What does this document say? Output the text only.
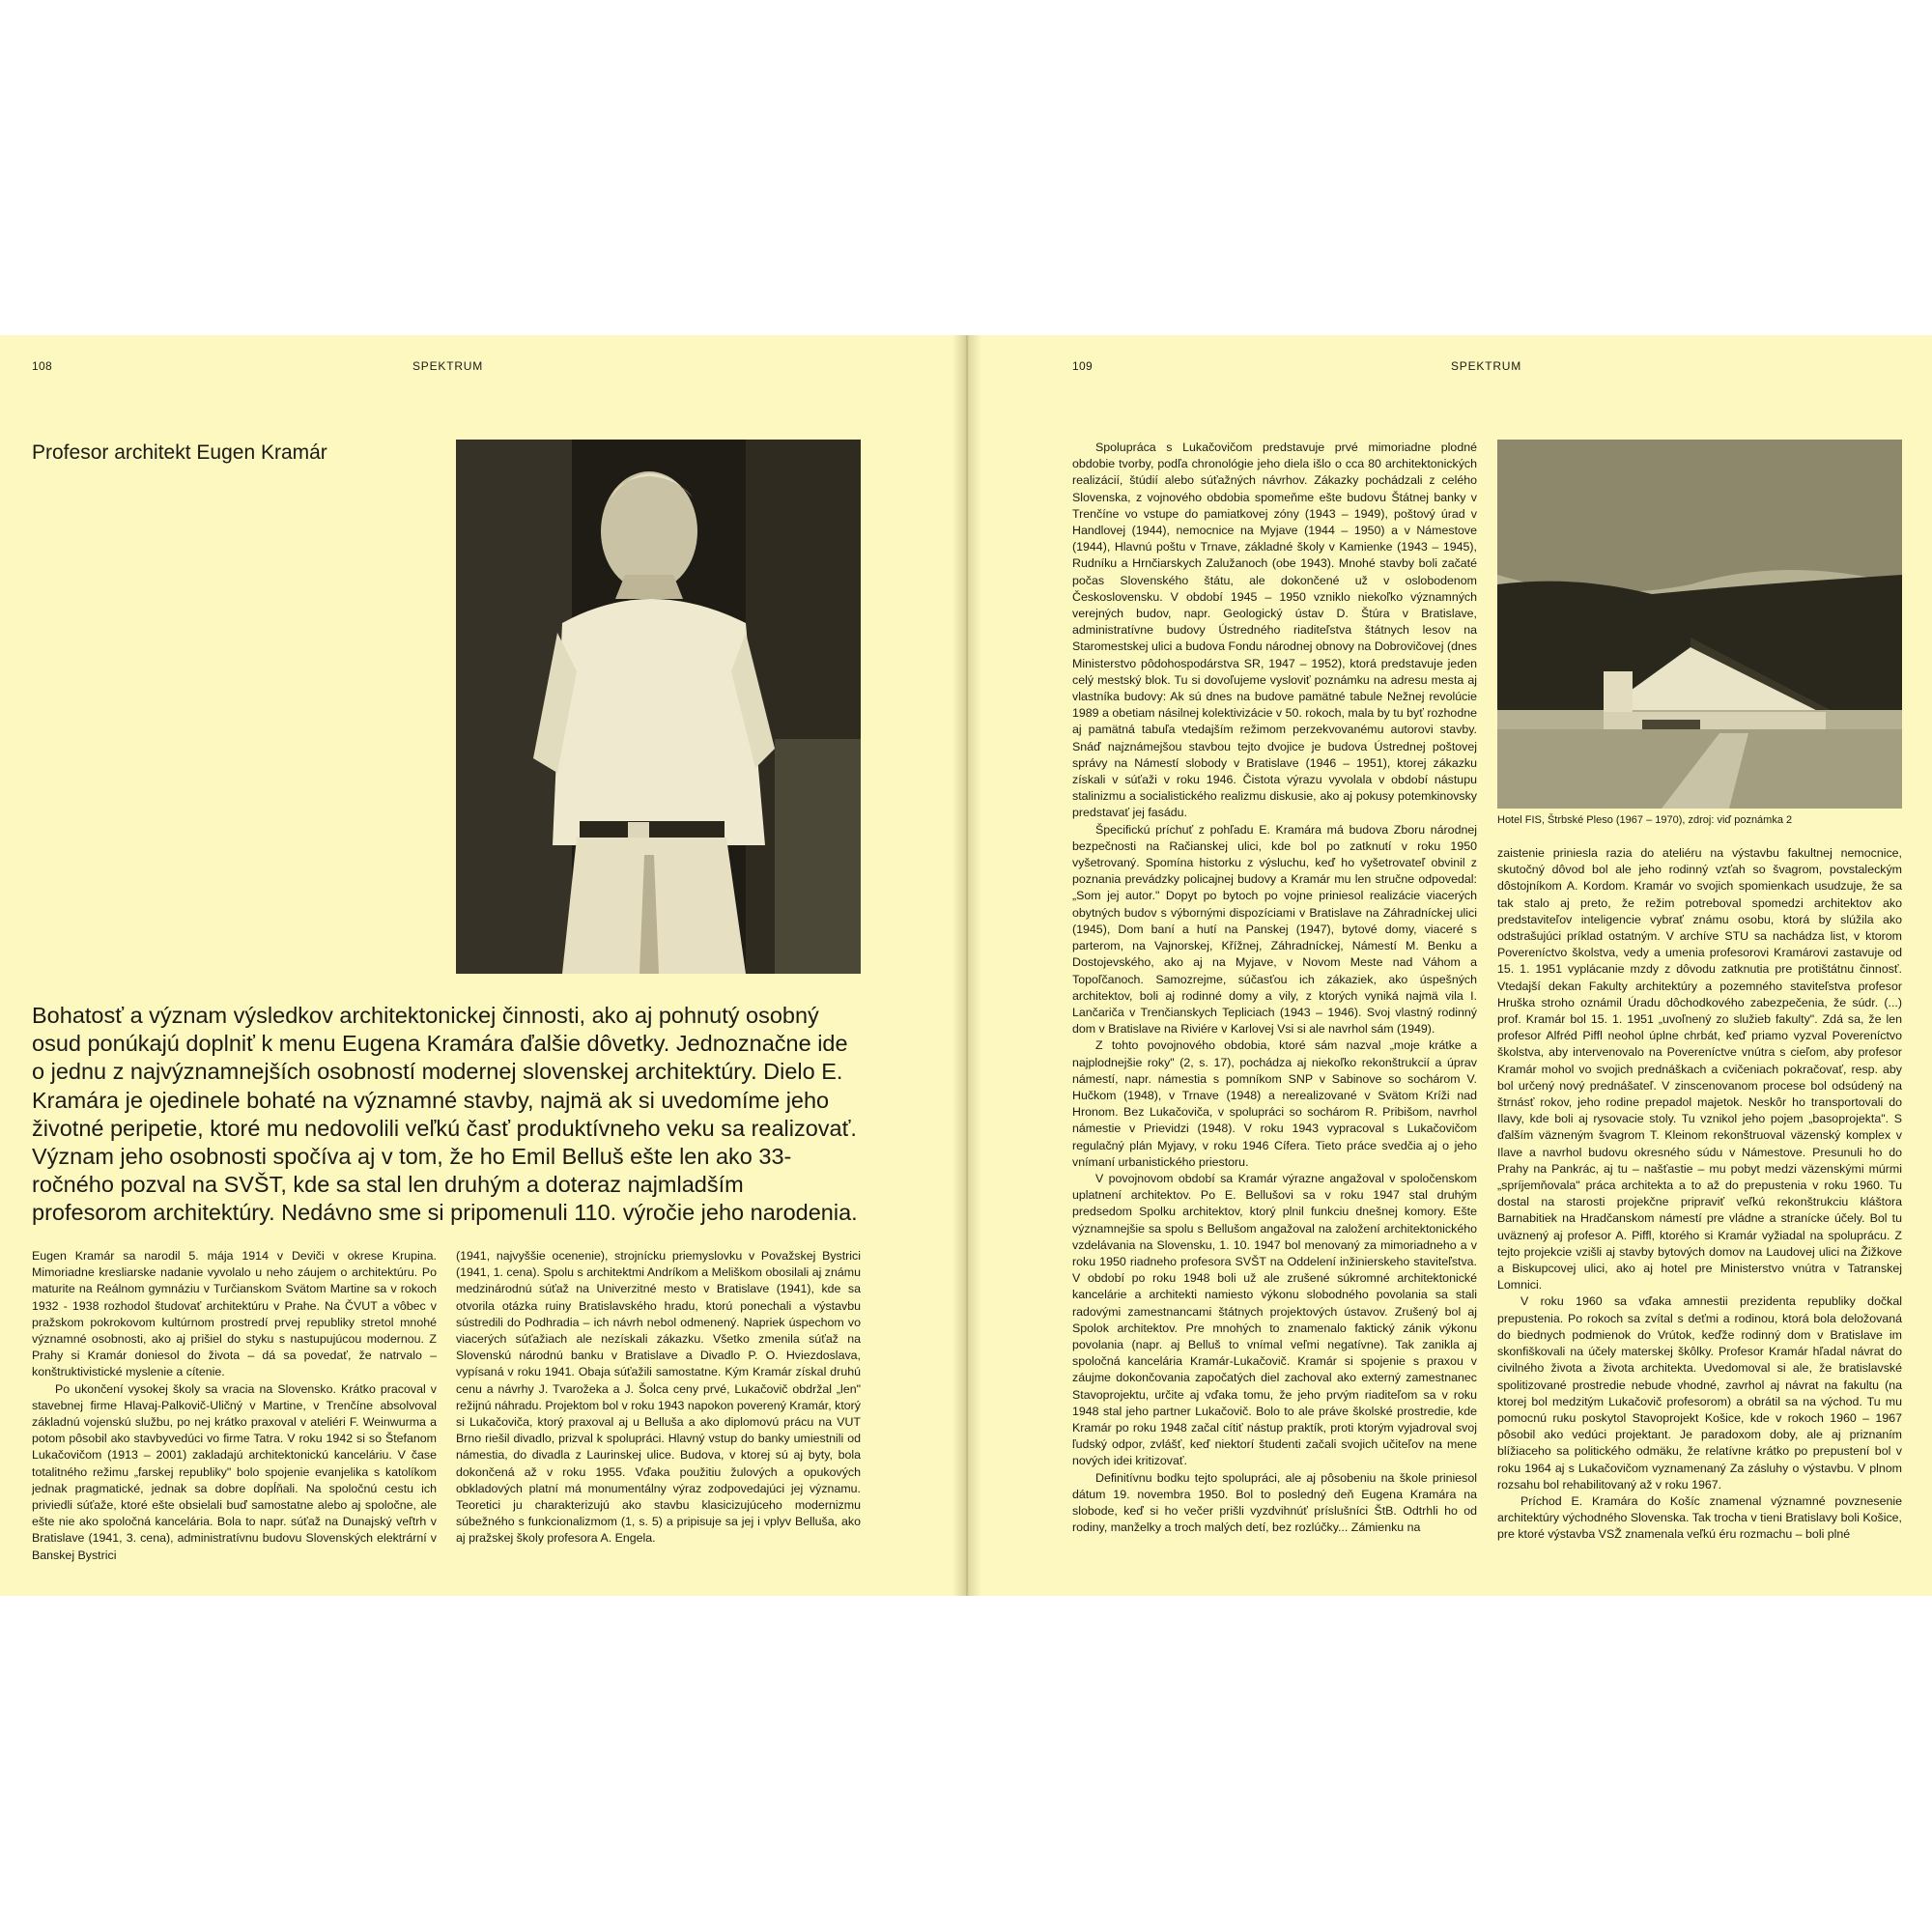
108	SPEKTRUM
Profesor architekt Eugen Kramár

Bohatosť a význam výsledkov architektonickej činnosti, ako aj pohnutý osobný osud ponúkajú doplniť k menu Eugena Kramára ďalšie dôvetky. Jednoznačne ide o jednu z najvýznamnejších osobností modernej slovenskej architektúry. Dielo E. Kramára je ojedinele bohaté na významné stavby, najmä ak si uvedomíme jeho životné peripetie, ktoré mu nedovolili veľkú časť produktívneho veku sa realizovať. Význam jeho osobnosti spočíva aj v tom, že ho Emil Belluš ešte len ako 33-ročného pozval na SVŠT, kde sa stal len druhým a doteraz najmladším profesorom architektúry. Nedávno sme si pripomenuli 110. výročie jeho narodenia.

Eugen Kramár sa narodil 5. mája 1914 v Deviči v okrese Krupina. Mimoriadne kresliarske nadanie vyvolalo u neho záujem o architektúru. Po maturite na Reálnom gymnáziu v Turčianskom Svätom Martine sa v rokoch 1932 - 1938 rozhodol študovať architektúru v Prahe. Na ČVUT a vôbec v pražskom pokrokovom kultúrnom prostredí prvej republiky stretol mnohé významné osobnosti, ako aj prišiel do styku s nastupujúcou modernou. Z Prahy si Kramár doniesol do života – dá sa povedať, že natrvalo – konštruktivistické myslenie a cítenie.

Po ukončení vysokej školy sa vracia na Slovensko. Krátko pracoval v stavebnej firme Hlavaj-Palkovič-Uličný v Martine, v Trenčíne absolvoval základnú vojenskú službu, po nej krátko praxoval v ateliéri F. Weinwurma a potom pôsobil ako stavbyvedúci vo firme Tatra. V roku 1942 si so Štefanom Lukačovičom (1913 – 2001) zakladajú architektonickú kanceláriu. V čase totalitného režimu „farskej republiky" bolo spojenie evanjelika s katolíkom jednak pragmatické, jednak sa dobre dopĺňali. Na spoločnú cestu ich priviedli súťaže, ktoré ešte obsielali buď samostatne alebo aj spoločne, ale ešte nie ako spoločná kancelária. Bola to napr. súťaž na Dunajský veľtrh v Bratislave (1941, 3. cena), administratívnu budovu Slovenských elektrární v Banskej Bystrici

(1941, najvyššie ocenenie), strojnícku priemyslovku v Považskej Bystrici (1941, 1. cena). Spolu s architektmi Andríkom a Meliškom obosilali aj známu medzinárodnú súťaž na Univerzitné mesto v Bratislave (1941), kde sa otvorila otázka ruiny Bratislavského hradu, ktorú ponechali a výstavbu sústredili do Podhradia – ich návrh nebol odmenený. Napriek úspechom vo viacerých súťažiach ale nezískali zákazku. Všetko zmenila súťaž na Slovenskú národnú banku v Bratislave a Divadlo P. O. Hviezdoslava, vypísaná v roku 1941. Obaja súťažili samostatne. Kým Kramár získal druhú cenu a návrhy J. Tvarožeka a J. Šolca ceny prvé, Lukačovič obdržal „len" režijnú náhradu. Projektom bol v roku 1943 napokon poverený Kramár, ktorý si Lukačoviča, ktorý praxoval aj u Belluša a ako diplomovú prácu na VUT Brno riešil divadlo, prizval k spolupráci. Hlavný vstup do banky umiestnili od námestia, do divadla z Laurinskej ulice. Budova, v ktorej sú aj byty, bola dokončená až v roku 1955. Vďaka použitiu žulových a opukových obkladových platní má monumentálny výraz zodpovedajúci jej významu. Teoretici ju charakterizujú ako stavbu klasicizujúceho modernizmu súbežného s funkcionalizmom (1, s. 5) a pripisuje sa jej i vplyv Belluša, ako aj pražskej školy profesora A. Engela.

109	SPEKTRUM

Spolupráca s Lukačovičom predstavuje prvé mimoriadne plodné obdobie tvorby, podľa chronológie jeho diela išlo o cca 80 architektonických realizácií, štúdií alebo súťažných návrhov. Zákazky pochádzali z celého Slovenska, z vojnového obdobia spomeňme ešte budovu Štátnej banky v Trenčíne vo vstupe do pamiatkovej zóny (1943 – 1949), poštový úrad v Handlovej (1944), nemocnice na Myjave (1944 – 1950) a v Námestove (1944), Hlavnú poštu v Trnave, základné školy v Kamienke (1943 – 1945), Rudníku a Hrnčiarskych Zalužanoch (obe 1943). Mnohé stavby boli začaté počas Slovenského štátu, ale dokončené už v oslobodenom Československu. V období 1945 – 1950 vzniklo niekoľko významných verejných budov, napr. Geologický ústav D. Štúra v Bratislave, administratívne budovy Ústredného riaditeľstva štátnych lesov na Staromestskej ulici a budova Fondu národnej obnovy na Dobrovičovej (dnes Ministerstvo pôdohospodárstva SR, 1947 – 1952), ktorá predstavuje jeden celý mestský blok. Tu si dovoľujeme vysloviť poznámku na adresu mesta aj vlastníka budovy: Ak sú dnes na budove pamätné tabule Nežnej revolúcie 1989 a obetiam násilnej kolektivizácie v 50. rokoch, mala by tu byť rozhodne aj pamätná tabuľa vtedajším režimom perzekvovanému autorovi stavby. Snáď najznámejšou stavbou tejto dvojice je budova Ústrednej poštovej správy na Námestí slobody v Bratislave (1946 – 1951), ktorej zákazku získali v súťaži v roku 1946. Čistota výrazu vyvolala v období nástupu stalinizmu a socialistického realizmu diskusie, ako aj pokusy potemkinovsky predstavať jej fasádu.

Špecifickú príchuť z pohľadu E. Kramára má budova Zboru národnej bezpečnosti na Račianskej ulici, kde bol po zatknutí v roku 1950 vyšetrovaný. Spomína historku z výsluchu, keď ho vyšetrovateľ obvinil z poznania prevádzky policajnej budovy a Kramár mu len stručne odpovedal: „Som jej autor." Dopyt po bytoch po vojne priniesol realizácie viacerých obytných budov s výbornými dispozíciami v Bratislave na Záhradníckej ulici (1945), Dom baní a hutí na Panskej (1947), bytové domy, viaceré s parterom, na Vajnorskej, Křížnej, Záhradníckej, Námestí M. Benku a Dostojevského, ako aj na Myjave, v Novom Meste nad Váhom a Topoľčanoch. Samozrejme, súčasťou ich zákaziek, ako úspešných architektov, boli aj rodinné domy a vily, z ktorých vyniká najmä vila I. Lančariča v Trenčianskych Tepliciach (1943 – 1946). Svoj vlastný rodinný dom v Bratislave na Riviére v Karlovej Vsi si ale navrhol sám (1949).

Z tohto povojnového obdobia, ktoré sám nazval „moje krátke a najplodnejšie roky" (2, s. 17), pochádza aj niekoľko rekonštrukcií a úprav námestí, napr. námestia s pomníkom SNP v Sabinove so sochárom V. Hučkom (1948), v Trnave (1948) a nerealizované v Svätom Kríži nad Hronom. Bez Lukačoviča, v spolupráci so sochárom R. Pribišom, navrhol námestie v Prievidzi (1948). V roku 1943 vypracoval s Lukačovičom regulačný plán Myjavy, v roku 1946 Cífera. Tieto práce svedčia aj o jeho vnímaní urbanistického priestoru.

V povojnovom období sa Kramár výrazne angažoval v spoločenskom uplatnení architektov. Po E. Bellušovi sa v roku 1947 stal druhým predsedom Spolku architektov, ktorý plnil funkciu dnešnej komory. Ešte významnejšie sa spolu s Bellušom angažoval na založení architektonického vzdelávania na Slovensku, 1. 10. 1947 bol menovaný za mimoriadneho a v roku 1950 riadneho profesora SVŠT na Oddelení inžinierskeho staviteľstva. V období po roku 1948 boli už ale zrušené súkromné architektonické kancelárie a architekti namiesto výkonu slobodného povolania sa stali radovými zamestnancami štátnych projektových ústavov. Zrušený bol aj Spolok architektov. Pre mnohých to znamenalo faktický zánik výkonu povolania (napr. aj Belluš to vnímal veľmi negatívne). Tak zanikla aj spoločná kancelária Kramár-Lukačovič. Kramár si spojenie s praxou v záujme dokončovania započatých diel zachoval ako externý zamestnanec Stavoprojektu, určite aj vďaka tomu, že jeho prvým riaditeľom sa v roku 1948 stal jeho partner Lukačovič. Bolo to ale práve školské prostredie, kde Kramár po roku 1948 začal cítiť nástup praktík, proti ktorým vyjadroval svoj ľudský odpor, zvlášť, keď niektorí študenti začali svojich učiteľov na mene nových idei kritizovať.

Definitívnu bodku tejto spolupráci, ale aj pôsobeniu na škole priniesol dátum 19. novembra 1950. Bol to posledný deň Eugena Kramára na slobode, keď si ho večer prišli vyzdvihnúť príslušníci ŠtB. Odtrhli ho od rodiny, manželky a troch malých detí, bez rozlúčky... Zámienku na

Hotel FIS, Štrbské Pleso (1967 – 1970), zdroj: viď poznámka 2

zaistenie priniesla razia do ateliéru na výstavbu fakultnej nemocnice, skutočný dôvod bol ale jeho rodinný vzťah so švagrom, povstaleckým dôstojníkom A. Kordom. Kramár vo svojich spomienkach usudzuje, že sa tak stalo aj preto, že režim potreboval spomedzi architektov ako predstaviteľov inteligencie vybrať známu osobu, ktorá by slúžila ako odstrašujúci príklad ostatným. V archíve STU sa nachádza list, v ktorom Povereníctvo školstva, vedy a umenia profesorovi Kramárovi zastavuje od 15. 1. 1951 vyplácanie mzdy z dôvodu zatknutia pre protištátnu činnosť. Vtedajší dekan Fakulty architektúry a pozemného staviteľstva profesor Hruška stroho oznámil Úradu dôchodkového zabezpečenia, že súdr. (...) prof. Kramár bol 15. 1. 1951 „uvoľnený zo služieb fakulty". Zdá sa, že len profesor Alfréd Piffl neohol úplne chrbát, keď priamo vyzval Povereníctvo školstva, aby intervenovalo na Povereníctve vnútra s cieľom, aby profesor Kramár mohol vo svojich prednáškach a cvičeniach pokračovať, resp. aby bol určený nový prednášateľ. V zinscenovanom procese bol odsúdený na štrnásť rokov, jeho rodine prepadol majetok. Neskôr ho transportovali do Ilavy, kde boli aj rysovacie stoly. Tu vznikol jeho pojem „basoprojekta". S ďalším väzneným švagrom T. Kleinom rekonštruoval väzenský komplex v Ilave a navrhol budovu okresného súdu v Námestove. Presunuli ho do Prahy na Pankrác, aj tu – našťastie – mu pobyt medzi väzenskými múrmi „spríjemňovala" práca architekta a to až do prepustenia v roku 1960. Tu dostal na starosti projekčne pripraviť veľkú rekonštrukciu kláštora Barnabitiek na Hradčanskom námestí pre vládne a stranícke účely. Bol tu uväznený aj profesor A. Piffl, ktorého si Kramár vyžiadal na spoluprácu. Z tejto projekcie vzišli aj stavby bytových domov na Laudovej ulici na Žižkove a Biskupcovej ulici, ako aj hotel pre Ministerstvo vnútra v Tatranskej Lomnici.

V roku 1960 sa vďaka amnestii prezidenta republiky dočkal prepustenia. Po rokoch sa zvítal s deťmi a rodinou, ktorá bola deložovaná do biednych podmienok do Vrútok, keďže rodinný dom v Bratislave im skonfiškovali na účely materskej škôlky. Profesor Kramár hľadal návrat do civilného života a života architekta. Uvedomoval si ale, že bratislavské spolitizované prostredie nebude vhodné, zavrhol aj návrat na fakultu (na ktorej bol medzitým Lukačovič profesorom) a obrátil sa na východ. Tu mu pomocnú ruku poskytol Stavoprojekt Košice, kde v rokoch 1960 – 1967 pôsobil ako vedúci projektant. Je paradoxom doby, ale aj priznaním blížiaceho sa politického odmäku, že relatívne krátko po prepustení bol v roku 1964 aj s Lukačovičom vyznamenaný Za zásluhy o výstavbu. V plnom rozsahu bol rehabilitovaný až v roku 1967.

Príchod E. Kramára do Košíc znamenal významné povznesenie architektúry východného Slovenska. Tak trocha v tieni Bratislavy boli Košice, pre ktoré výstavba VSŽ znamenala veľkú éru rozmachu – boli plné
